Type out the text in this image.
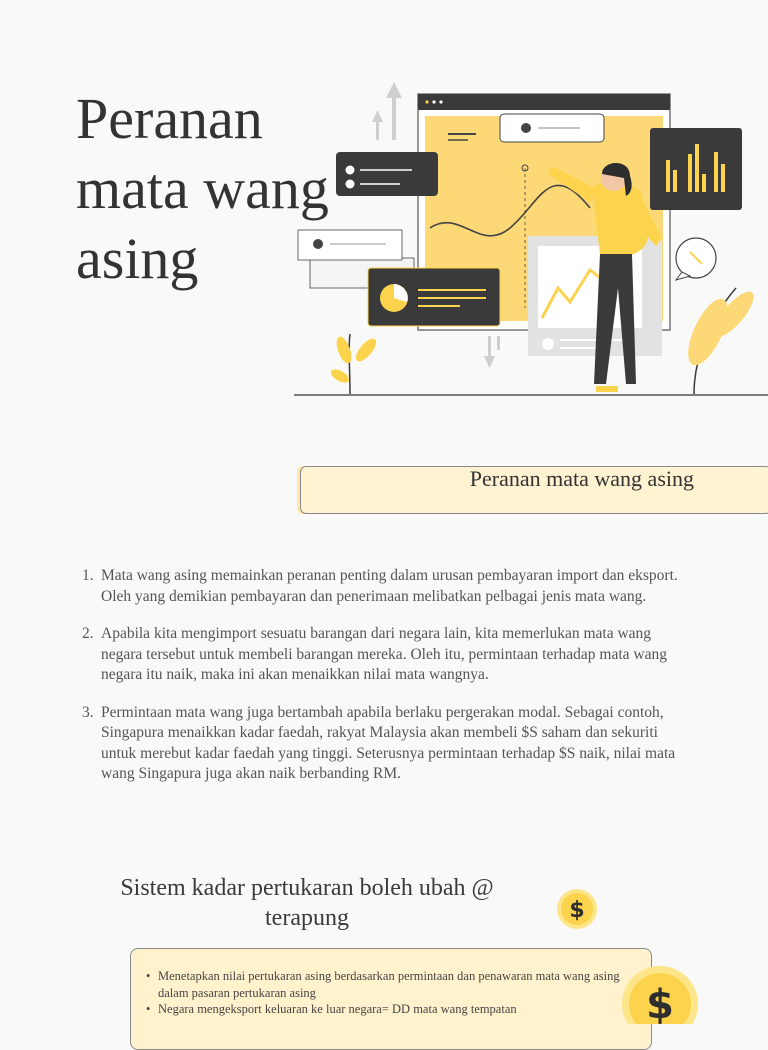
Peranan mata wang asing
Peranan mata wang asing
1. Mata wang asing memainkan peranan penting dalam urusan pembayaran import dan eksport. Oleh yang demikian pembayaran dan penerimaan melibatkan pelbagai jenis mata wang.
2. Apabila kita mengimport sesuatu barangan dari negara lain, kita memerlukan mata wang negara tersebut untuk membeli barangan mereka. Oleh itu, permintaan terhadap mata wang negara itu naik, maka ini akan menaikkan nilai mata wangnya.
3. Permintaan mata wang juga bertambah apabila berlaku pergerakan modal. Sebagai contoh, Singapura menaikkan kadar faedah, rakyat Malaysia akan membeli $S saham dan sekuriti untuk merebut kadar faedah yang tinggi. Seterusnya permintaan terhadap $S naik, nilai mata wang Singapura juga akan naik berbanding RM.
Sistem kadar pertukaran boleh ubah @ terapung	$
• Menetapkan nilai pertukaran asing berdasarkan permintaan dan penawaran mata wang asing dalam pasaran pertukaran asing
• Negara mengeksport keluaran ke luar negara= DD mata wang tempatan	$
